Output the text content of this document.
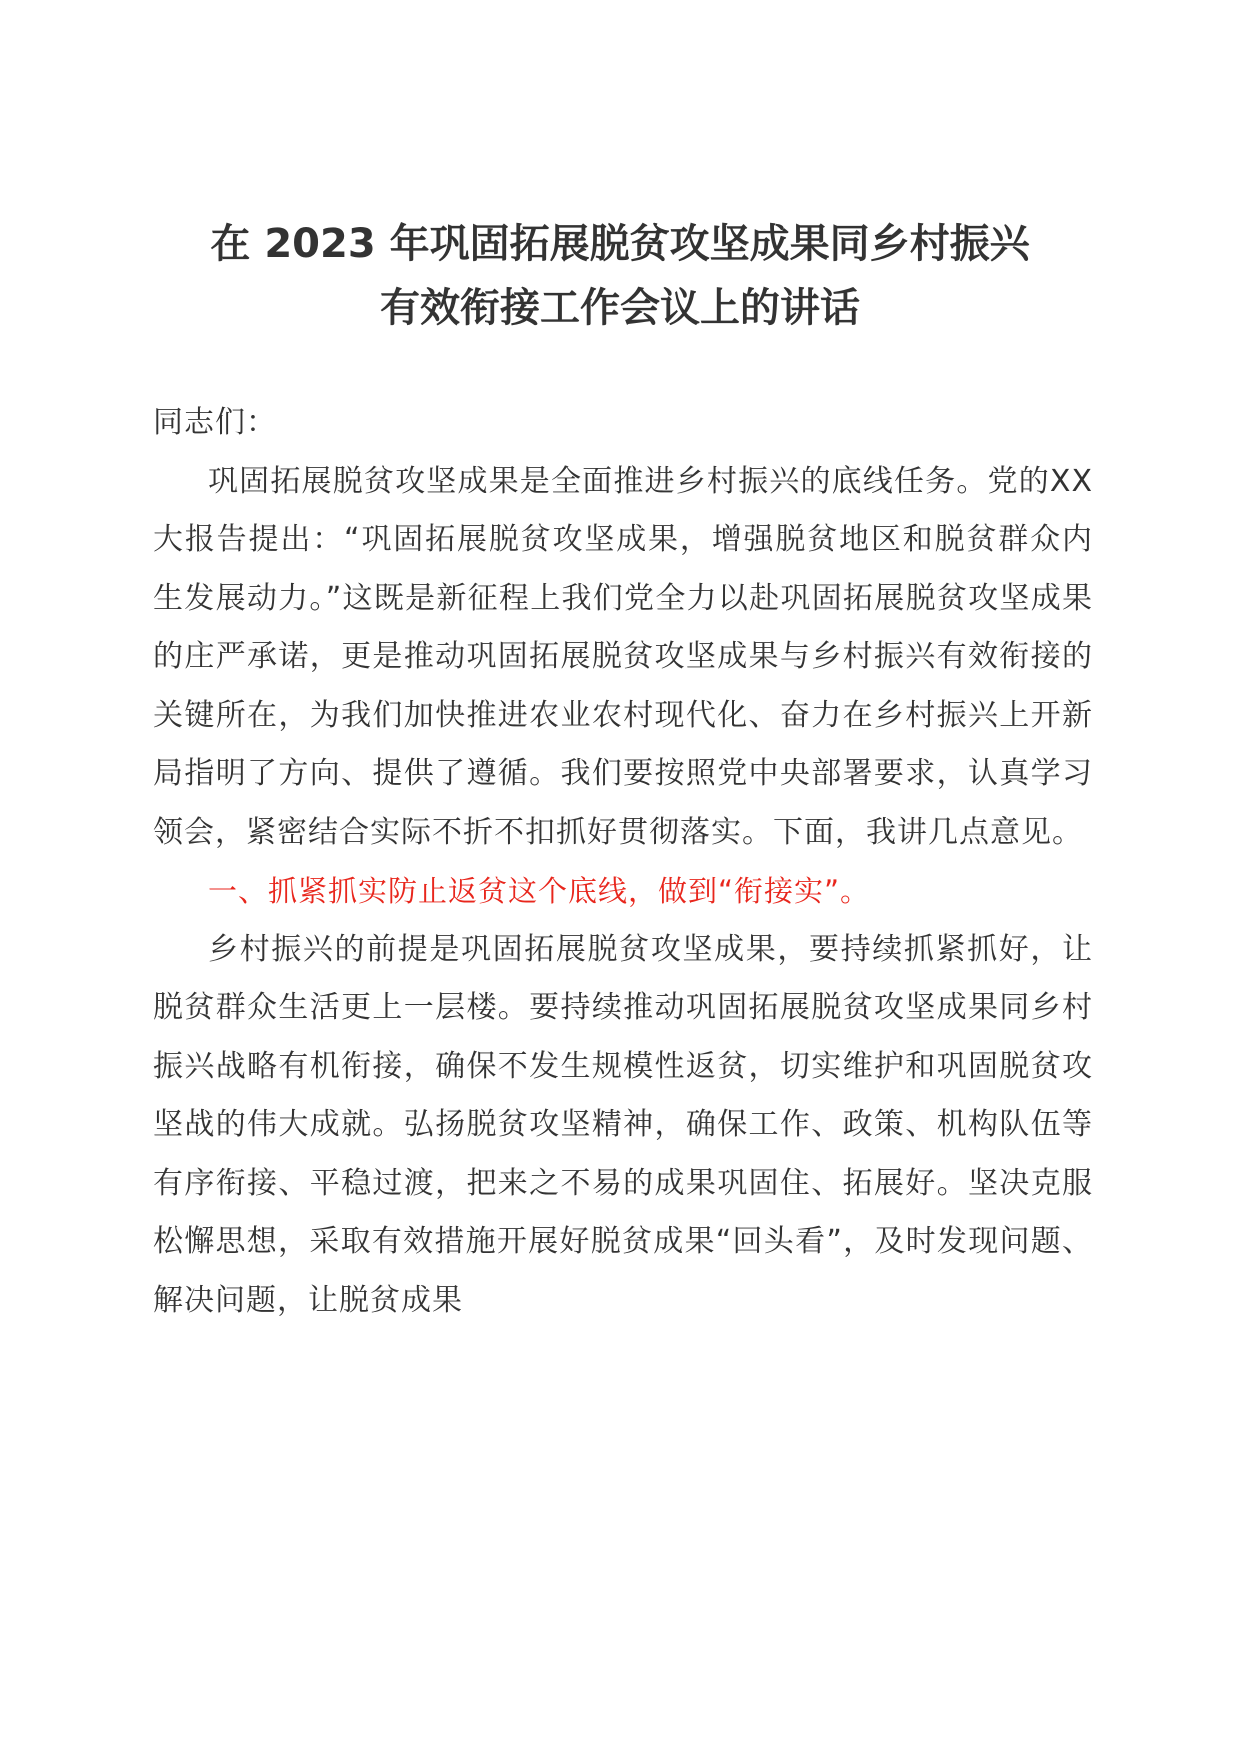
在 2023 年巩固拓展脱贫攻坚成果同乡村振兴
有效衔接工作会议上的讲话

同志们：

巩固拓展脱贫攻坚成果是全面推进乡村振兴的底线任务。党的XX大报告提出：“巩固拓展脱贫攻坚成果，增强脱贫地区和脱贫群众内生发展动力。”这既是新征程上我们党全力以赴巩固拓展脱贫攻坚成果的庄严承诺，更是推动巩固拓展脱贫攻坚成果与乡村振兴有效衔接的关键所在，为我们加快推进农业农村现代化、奋力在乡村振兴上开新局指明了方向、提供了遵循。我们要按照党中央部署要求，认真学习领会，紧密结合实际不折不扣抓好贯彻落实。下面，我讲几点意见。

一、抓紧抓实防止返贫这个底线，做到“衔接实”。

乡村振兴的前提是巩固拓展脱贫攻坚成果，要持续抓紧抓好，让脱贫群众生活更上一层楼。要持续推动巩固拓展脱贫攻坚成果同乡村振兴战略有机衔接，确保不发生规模性返贫，切实维护和巩固脱贫攻坚战的伟大成就。弘扬脱贫攻坚精神，确保工作、政策、机构队伍等有序衔接、平稳过渡，把来之不易的成果巩固住、拓展好。坚决克服松懈思想，采取有效措施开展好脱贫成果“回头看”，及时发现问题、解决问题，让脱贫成果
